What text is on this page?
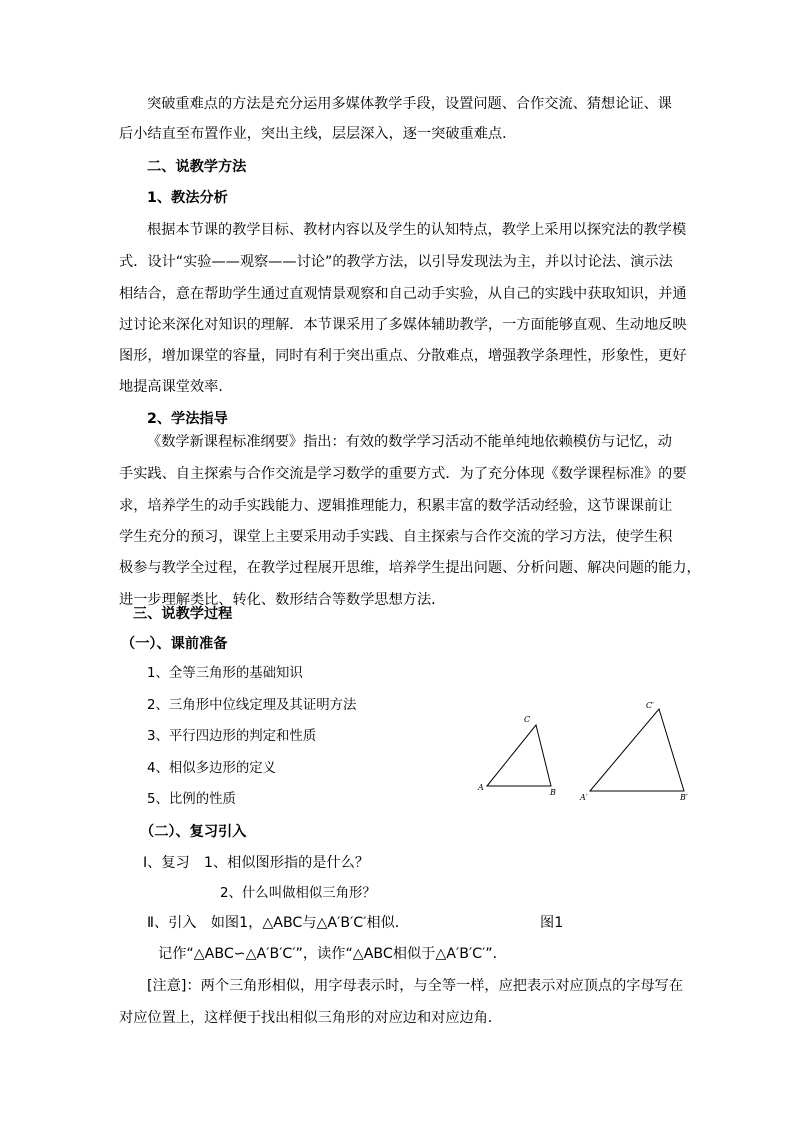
突破重难点的方法是充分运用多媒体教学手段，设置问题、合作交流、猜想论证、课
后小结直至布置作业，突出主线，层层深入，逐一突破重难点．
二、说教学方法
1、教法分析
根据本节课的教学目标、教材内容以及学生的认知特点，教学上采用以探究法的教学模
式．设计“实验——观察——讨论”的教学方法，以引导发现法为主，并以讨论法、演示法
相结合，意在帮助学生通过直观情景观察和自己动手实验，从自己的实践中获取知识，并通
过讨论来深化对知识的理解．本节课采用了多媒体辅助教学，一方面能够直观、生动地反映
图形，增加课堂的容量，同时有利于突出重点、分散难点，增强教学条理性，形象性，更好
地提高课堂效率．
2、学法指导
《数学新课程标准纲要》指出：有效的数学学习活动不能单纯地依赖模仿与记忆，动
手实践、自主探索与合作交流是学习数学的重要方式．为了充分体现《数学课程标准》的要
求，培养学生的动手实践能力、逻辑推理能力，积累丰富的数学活动经验，这节课课前让
学生充分的预习，课堂上主要采用动手实践、自主探索与合作交流的学习方法，使学生积
极参与教学全过程，在教学过程展开思维，培养学生提出问题、分析问题、解决问题的能力，
进一步理解类比、转化、数形结合等数学思想方法．
三、说教学过程
（一）、课前准备
1、全等三角形的基础知识
2、三角形中位线定理及其证明方法
3、平行四边形的判定和性质
4、相似多边形的定义
5、比例的性质
（二）、复习引入
Ⅰ、复习　1、相似图形指的是什么？
2、什么叫做相似三角形？
Ⅱ、引入　如图1，△ABC与△A′B′C′相似．	图1
记作“△ABC∽△A′B′C′”，读作“△ABC相似于△A′B′C′”．
[注意]：两个三角形相似，用字母表示时，与全等一样，应把表示对应顶点的字母写在
对应位置上，这样便于找出相似三角形的对应边和对应边角．
A
B
C
A′	B′
C′
